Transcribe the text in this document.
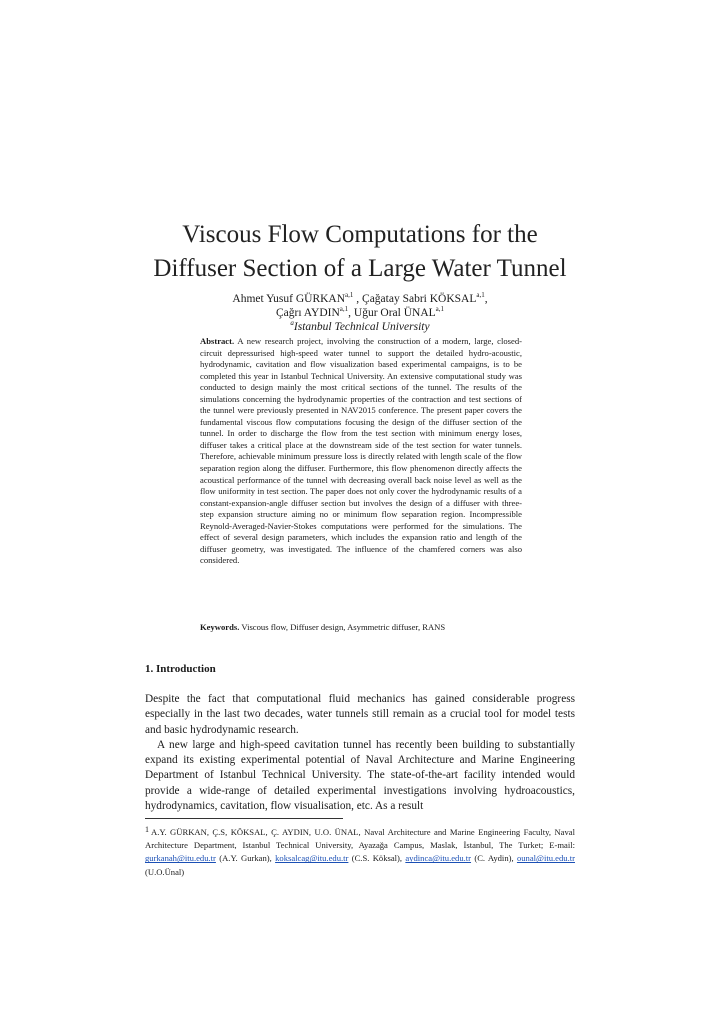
Viscous Flow Computations for the
Diffuser Section of a Large Water Tunnel
Ahmet Yusuf GÜRKAN$^{a,1}$ , Çağatay Sabri KÖKSAL$^{a,1}$,
Çağrı AYDIN$^{a,1}$, Uğur Oral ÜNAL$^{a,1}$
$^a$Istanbul Technical University
Abstract. A new research project, involving the construction of a modern, large, closed-circuit depressurised high-speed water tunnel to support the detailed hydro-acoustic, hydrodynamic, cavitation and flow visualization based experimental campaigns, is to be completed this year in Istanbul Technical University. An extensive computational study was conducted to design mainly the most critical sections of the tunnel. The results of the simulations concerning the hydrodynamic properties of the contraction and test sections of the tunnel were previously presented in NAV2015 conference. The present paper covers the fundamental viscous flow computations focusing the design of the diffuser section of the tunnel. In order to discharge the flow from the test section with minimum energy loses, diffuser takes a critical place at the downstream side of the test section for water tunnels. Therefore, achievable minimum pressure loss is directly related with length scale of the flow separation region along the diffuser. Furthermore, this flow phenomenon directly affects the acoustical performance of the tunnel with decreasing overall back noise level as well as the flow uniformity in test section. The paper does not only cover the hydrodynamic results of a constant-expansion-angle diffuser section but involves the design of a diffuser with three-step expansion structure aiming no or minimum flow separation region. Incompressible Reynold-Averaged-Navier-Stokes computations were performed for the simulations. The effect of several design parameters, which includes the expansion ratio and length of the diffuser geometry, was investigated. The influence of the chamfered corners was also considered.
Keywords. Viscous flow, Diffuser design, Asymmetric diffuser, RANS
1. Introduction

Despite the fact that computational fluid mechanics has gained considerable progress especially in the last two decades, water tunnels still remain as a crucial tool for model tests and basic hydrodynamic research.

A new large and high-speed cavitation tunnel has recently been building to substantially expand its existing experimental potential of Naval Architecture and Marine Engineering Department of Istanbul Technical University. The state-of-the-art facility intended would provide a wide-range of detailed experimental investigations involving hydroacoustics, hydrodynamics, cavitation, flow visualisation, etc. As a result

$^1$ A.Y. GÜRKAN, Ç.S, KÖKSAL, Ç. AYDIN, U.O. ÜNAL, Naval Architecture and Marine Engineering Faculty, Naval Architecture Department, Istanbul Technical University, Ayazağa Campus, Maslak, İstanbul, The Turket; E-mail: gurkanah@itu.edu.tr (A.Y. Gurkan), koksalcag@itu.edu.tr (C.S. Köksal), aydinca@itu.edu.tr (C. Aydin), ounal@itu.edu.tr (U.O.Ünal)
